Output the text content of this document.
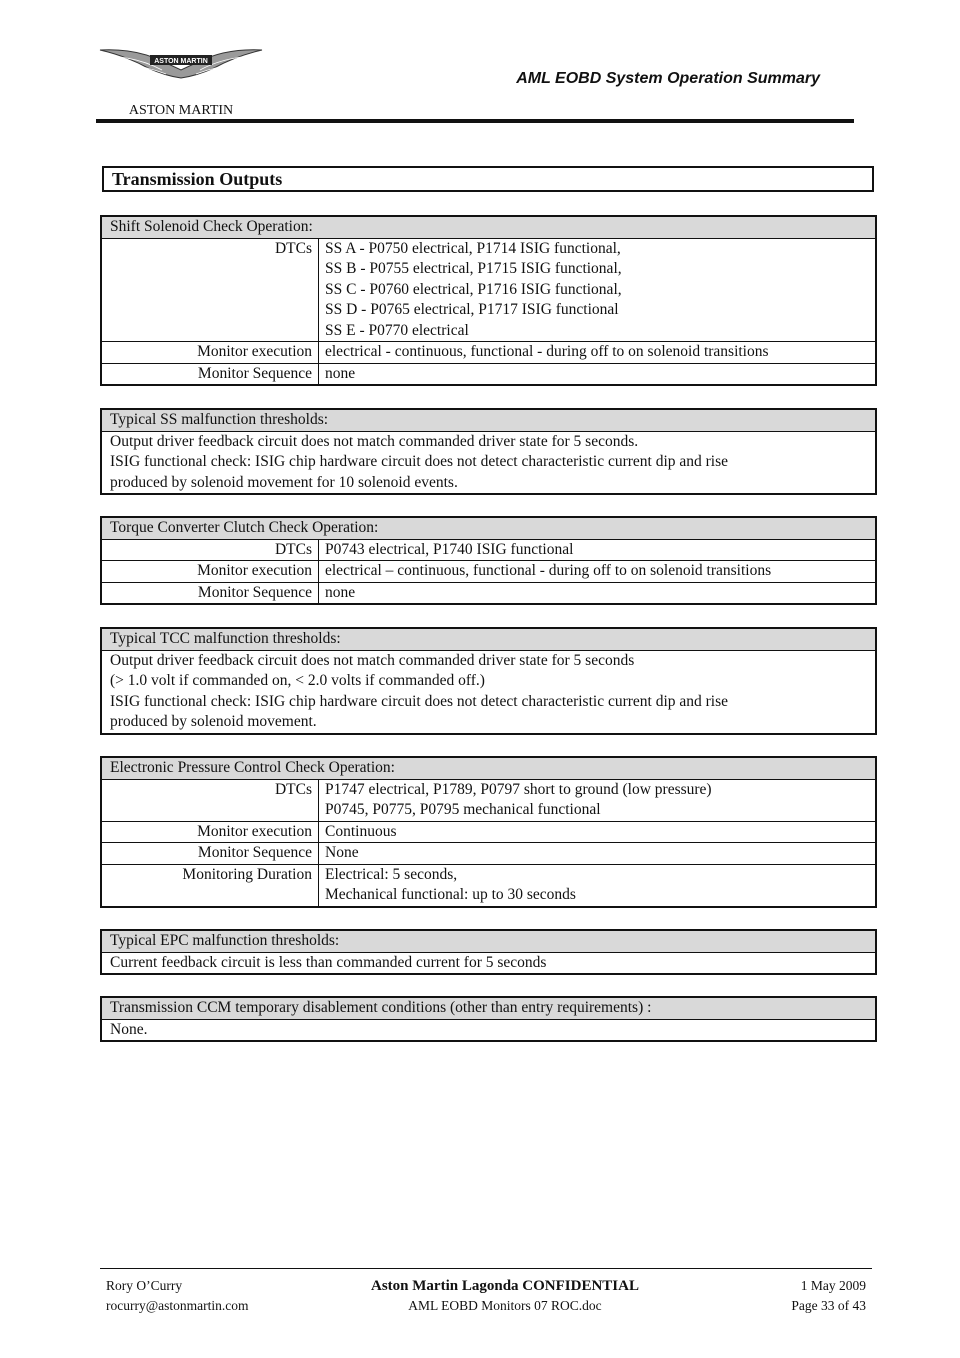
ASTON MARTIN
ASTON MARTIN
AML EOBD System Operation Summary
Transmission Outputs
Shift Solenoid Check Operation:	
DTCs	SS A - P0750 electrical, P1714 ISIG functional,
SS B - P0755 electrical, P1715 ISIG functional,
SS C - P0760 electrical, P1716 ISIG functional,
SS D - P0765 electrical, P1717 ISIG functional
SS E - P0770 electrical

Monitor execution	electrical - continuous, functional - during off to on solenoid transitions
Monitor Sequence	none
Typical SS malfunction thresholds:

Output driver feedback circuit does not match commanded driver state for 5 seconds.
ISIG functional check: ISIG chip hardware circuit does not detect characteristic current dip and rise
produced by solenoid movement for 10 solenoid events.
Torque Converter Clutch Check Operation:	
DTCs	P0743 electrical, P1740 ISIG functional
Monitor execution	electrical – continuous, functional - during off to on solenoid transitions
Monitor Sequence	none
Typical TCC malfunction thresholds:

Output driver feedback circuit does not match commanded driver state for 5 seconds
(> 1.0 volt if commanded on, < 2.0 volts if commanded off.)
ISIG functional check: ISIG chip hardware circuit does not detect characteristic current dip and rise
produced by solenoid movement.
Electronic Pressure Control Check Operation:	
DTCs	P1747 electrical, P1789, P0797 short to ground (low pressure)
P0745, P0775, P0795 mechanical functional

Monitor execution	Continuous
Monitor Sequence	None
Monitoring Duration	Electrical: 5 seconds,
Mechanical functional: up to 30 seconds
Typical EPC malfunction thresholds:
Current feedback circuit is less than commanded current for 5 seconds
Transmission CCM temporary disablement conditions (other than entry requirements) :
None.
Rory O’Curry
rocurry@astonmartin.com
Aston Martin Lagonda CONFIDENTIAL
AML EOBD Monitors 07 ROC.doc
1 May 2009
Page 33 of 43
